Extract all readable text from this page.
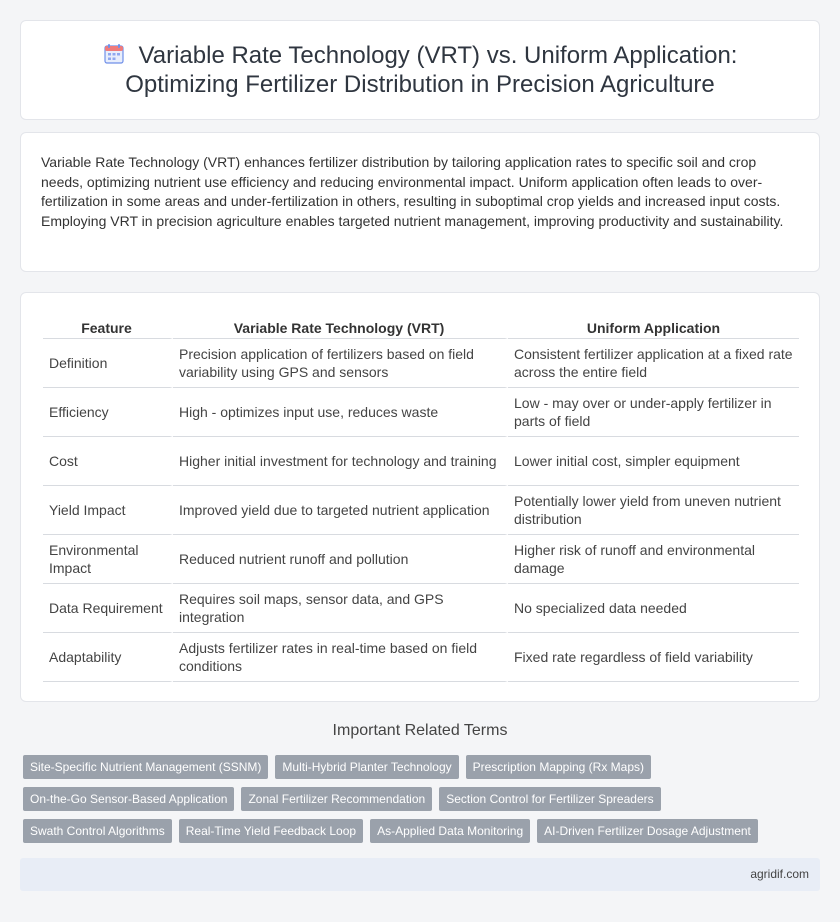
Variable Rate Technology (VRT) vs. Uniform Application:
Optimizing Fertilizer Distribution in Precision Agriculture

Variable Rate Technology (VRT) enhances fertilizer distribution by tailoring application rates to specific soil and crop needs, optimizing nutrient use efficiency and reducing environmental impact. Uniform application often leads to over-fertilization in some areas and under-fertilization in others, resulting in suboptimal crop yields and increased input costs. Employing VRT in precision agriculture enables targeted nutrient management, improving productivity and sustainability.

Feature	Variable Rate Technology (VRT)	Uniform Application
Definition	Precision application of fertilizers based on field variability using GPS and sensors	Consistent fertilizer application at a fixed rate across the entire field
Efficiency	High - optimizes input use, reduces waste	Low - may over or under-apply fertilizer in parts of field
Cost	Higher initial investment for technology and training	Lower initial cost, simpler equipment
Yield Impact	Improved yield due to targeted nutrient application	Potentially lower yield from uneven nutrient distribution
Environmental Impact	Reduced nutrient runoff and pollution	Higher risk of runoff and environmental damage
Data Requirement	Requires soil maps, sensor data, and GPS integration	No specialized data needed
Adaptability	Adjusts fertilizer rates in real-time based on field conditions	Fixed rate regardless of field variability
Important Related Terms
Site-Specific Nutrient Management (SSNM)	Multi-Hybrid Planter Technology	Prescription Mapping (Rx Maps)
On-the-Go Sensor-Based Application	Zonal Fertilizer Recommendation	Section Control for Fertilizer Spreaders
Swath Control Algorithms	Real-Time Yield Feedback Loop	As-Applied Data Monitoring	AI-Driven Fertilizer Dosage Adjustment
agridif.com
